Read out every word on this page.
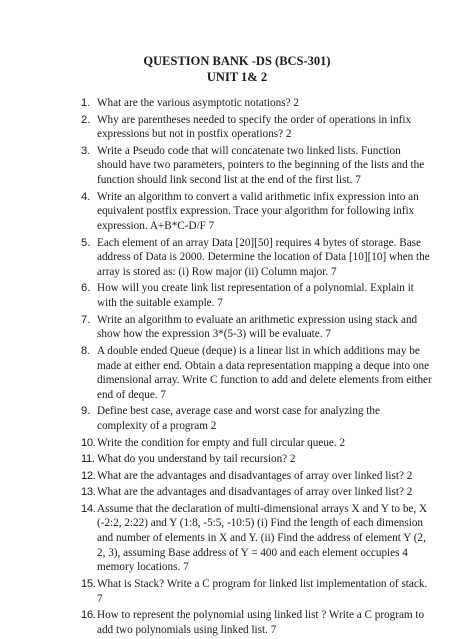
QUESTION BANK -DS (BCS-301)
UNIT 1& 2
1. What are the various asymptotic notations? 2
2. Why are parentheses needed to specify the order of operations in infix expressions but not in postfix operations? 2
3. Write a Pseudo code that will concatenate two linked lists. Function should have two parameters, pointers to the beginning of the lists and the function should link second list at the end of the first list. 7
4. Write an algorithm to convert a valid arithmetic infix expression into an equivalent postfix expression. Trace your algorithm for following infix expression. A+B*C-D/F 7
5. Each element of an array Data [20][50] requires 4 bytes of storage. Base address of Data is 2000. Determine the location of Data [10][10] when the array is stored as: (i) Row major (ii) Column major. 7
6. How will you create link list representation of a polynomial. Explain it with the suitable example. 7
7. Write an algorithm to evaluate an arithmetic expression using stack and show how the expression 3*(5-3) will be evaluate. 7
8. A double ended Queue (deque) is a linear list in which additions may be made at either end. Obtain a data representation mapping a deque into one dimensional array. Write C function to add and delete elements from either end of deque. 7
9. Define best case, average case and worst case for analyzing the complexity of a program 2
10. Write the condition for empty and full circular queue. 2
11. What do you understand by tail recursion? 2
12. What are the advantages and disadvantages of array over linked list? 2
13. What are the advantages and disadvantages of array over linked list? 2
14. Assume that the declaration of multi-dimensional arrays X and Y to be, X (-2:2, 2:22) and Y (1:8, -5:5, -10:5) (i) Find the length of each dimension and number of elements in X and Y. (ii) Find the address of element Y (2, 2, 3), assuming Base address of Y = 400 and each element occupies 4 memory locations. 7
15. What is Stack? Write a C program for linked list implementation of stack. 7
16. How to represent the polynomial using linked list ? Write a C program to add two polynomials using linked list. 7
